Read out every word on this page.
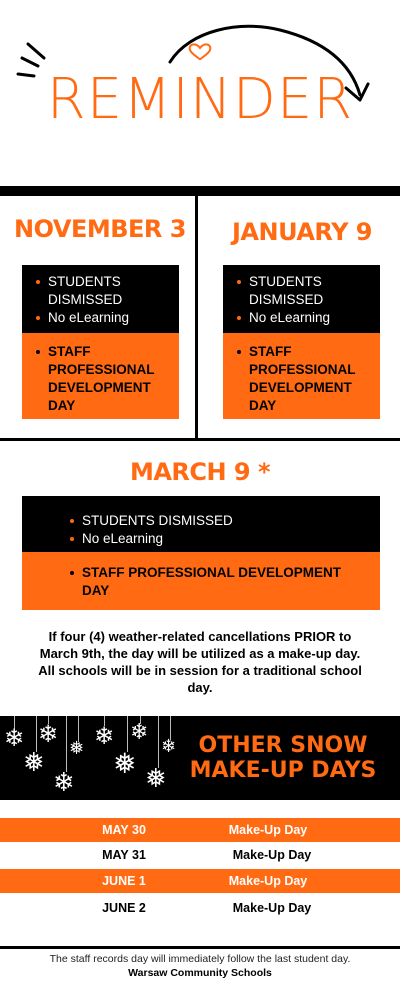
REMINDER
NOVEMBER 3
STUDENTS DISMISSED
No eLearning
STAFF PROFESSIONAL DEVELOPMENT DAY
JANUARY 9
STUDENTS DISMISSED
No eLearning
STAFF PROFESSIONAL DEVELOPMENT DAY
MARCH 9 *
STUDENTS DISMISSED
No eLearning
STAFF PROFESSIONAL DEVELOPMENT DAY
If four (4) weather-related cancellations PRIOR to March 9th, the day will be utilized as a make-up day.
All schools will be in session for a traditional school day.
❄ ❄
❅
❄
❅ ❄
❅
❄
❅
❄	OTHER SNOW
MAKE-UP DAYS
MAY 30	Make-Up Day
MAY 31	Make-Up Day
JUNE 1	Make-Up Day
JUNE 2	Make-Up Day
The staff records day will immediately follow the last student day.
Warsaw Community Schools
